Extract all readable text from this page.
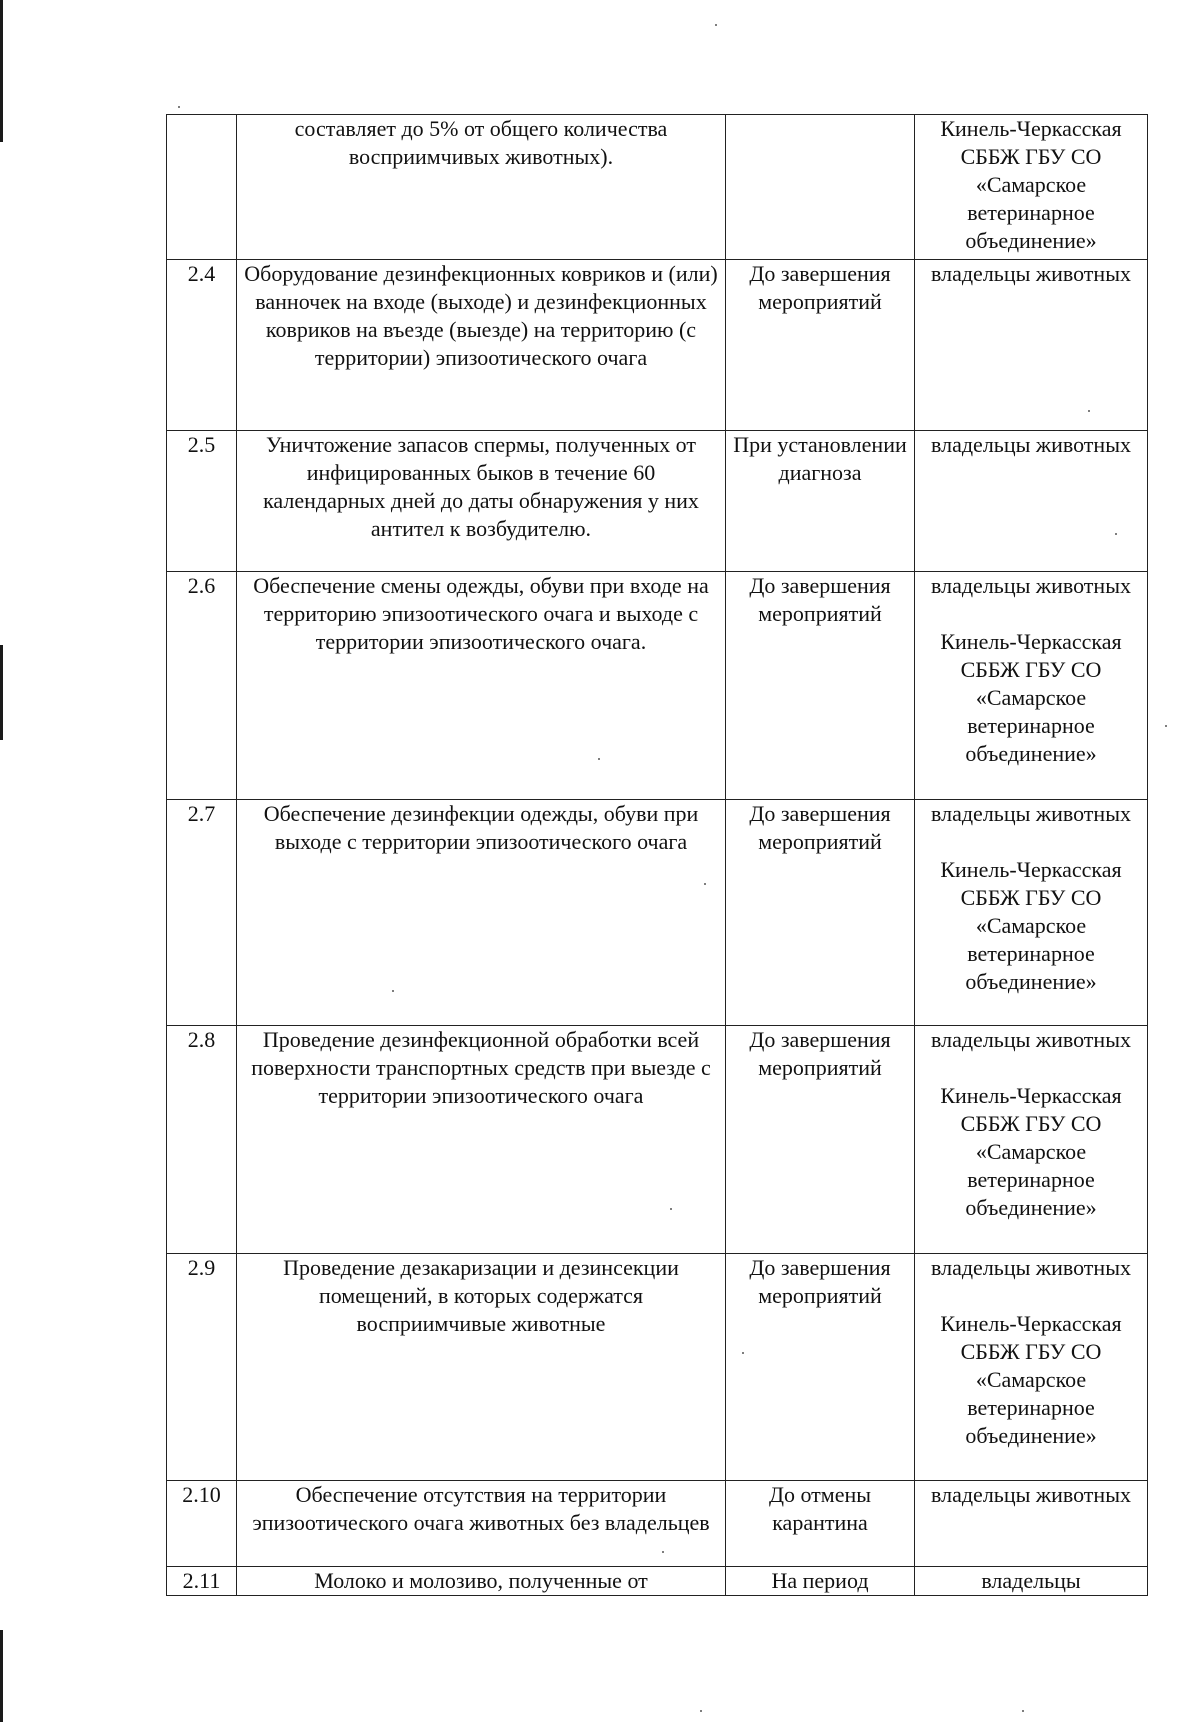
	составляет до 5% от общего количества восприимчивых животных).		Кинель-Черкасская СББЖ ГБУ СО «Самарское ветеринарное объединение»

2.4	Оборудование дезинфекционных ковриков и (или) ванночек на входе (выходе) и дезинфекционных ковриков на въезде (выезде) на территорию (с территории) эпизоотического очага	До завершения мероприятий	владельцы животных

2.5	Уничтожение запасов спермы, полученных от инфицированных быков в течение 60 календарных дней до даты обнаружения у них антител к возбудителю.	При установлении диагноза	владельцы животных

2.6	Обеспечение смены одежды, обуви при входе на территорию эпизоотического очага и выходе с территории эпизоотического очага.	До завершения мероприятий	владельцы животных
Кинель-Черкасская СББЖ ГБУ СО «Самарское ветеринарное объединение»

2.7	Обеспечение дезинфекции одежды, обуви при выходе с территории эпизоотического очага	До завершения мероприятий	владельцы животных
Кинель-Черкасская СББЖ ГБУ СО «Самарское ветеринарное объединение»

2.8	Проведение дезинфекционной обработки всей поверхности транспортных средств при выезде с территории эпизоотического очага	До завершения мероприятий	владельцы животных
Кинель-Черкасская СББЖ ГБУ СО «Самарское ветеринарное объединение»

2.9	Проведение дезакаризации и дезинсекции помещений, в которых содержатся восприимчивые животные	До завершения мероприятий	владельцы животных
Кинель-Черкасская СББЖ ГБУ СО «Самарское ветеринарное объединение»

2.10	Обеспечение отсутствия на территории эпизоотического очага животных без владельцев	До отмены карантина	владельцы животных

2.11	Молоко и молозиво, полученные от	На период	владельцы
